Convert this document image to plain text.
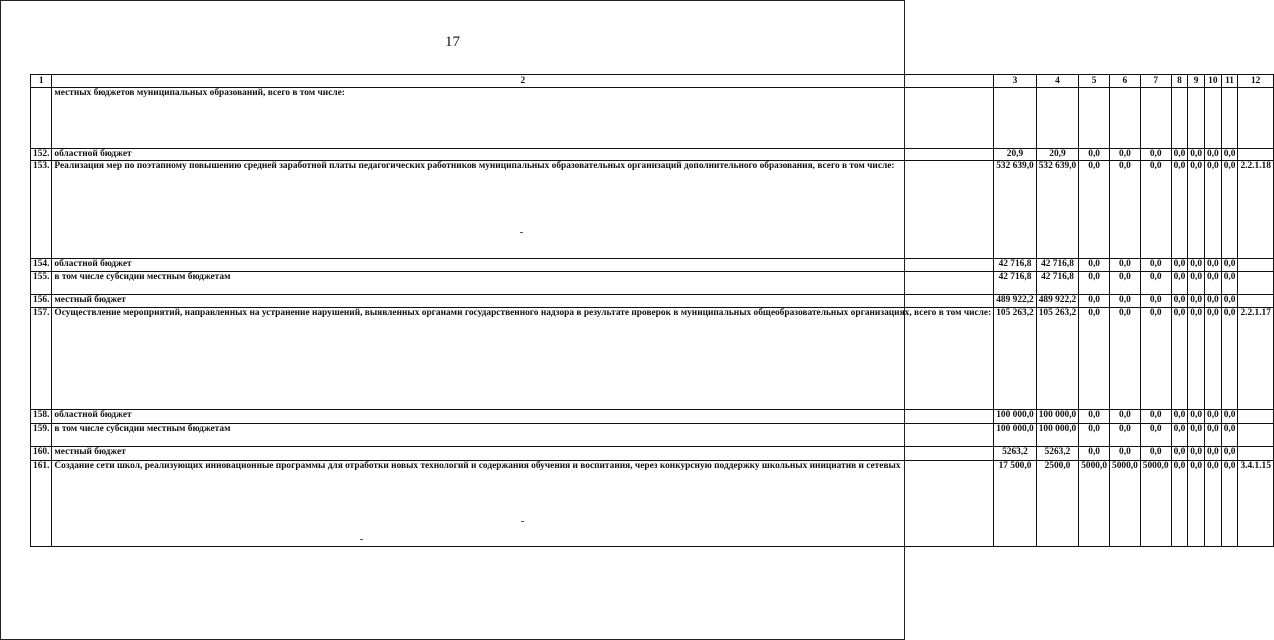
17
1	2	3	4	5	6	7	8	9	10	11	12
	местных бюджетов муниципальных образований, всего в том числе:										
152.	областной бюджет	20,9	20,9	0,0	0,0	0,0	0,0	0,0	0,0	0,0	
153.	Реализация мер по поэтапному повышению средней заработной платы педагогических работников муниципальных образовательных организаций дополнительного образования, всего в том числе:	532 639,0	532 639,0	0,0	0,0	0,0	0,0	0,0	0,0	0,0	2.2.1.18
154.	областной бюджет	42 716,8	42 716,8	0,0	0,0	0,0	0,0	0,0	0,0	0,0	
155.	в том числе субсидии местным бюджетам	42 716,8	42 716,8	0,0	0,0	0,0	0,0	0,0	0,0	0,0	
156.	местный бюджет	489 922,2	489 922,2	0,0	0,0	0,0	0,0	0,0	0,0	0,0	
157.	Осуществление мероприятий, направленных на устранение нарушений, выявленных органами государственного надзора в результате проверок в муниципальных общеобразовательных организациях, всего в том числе:	105 263,2	105 263,2	0,0	0,0	0,0	0,0	0,0	0,0	0,0	2.2.1.17
158.	областной бюджет	100 000,0	100 000,0	0,0	0,0	0,0	0,0	0,0	0,0	0,0	
159.	в том числе субсидии местным бюджетам	100 000,0	100 000,0	0,0	0,0	0,0	0,0	0,0	0,0	0,0	
160.	местный бюджет	5263,2	5263,2	0,0	0,0	0,0	0,0	0,0	0,0	0,0	
161.	Создание сети школ, реализующих инновационные программы для отработки новых технологий и содержания обучения и воспитания, через конкурсную поддержку школьных инициатив и сетевых	17 500,0	2500,0	5000,0	5000,0	5000,0	0,0	0,0	0,0	0,0	3.4.1.15
